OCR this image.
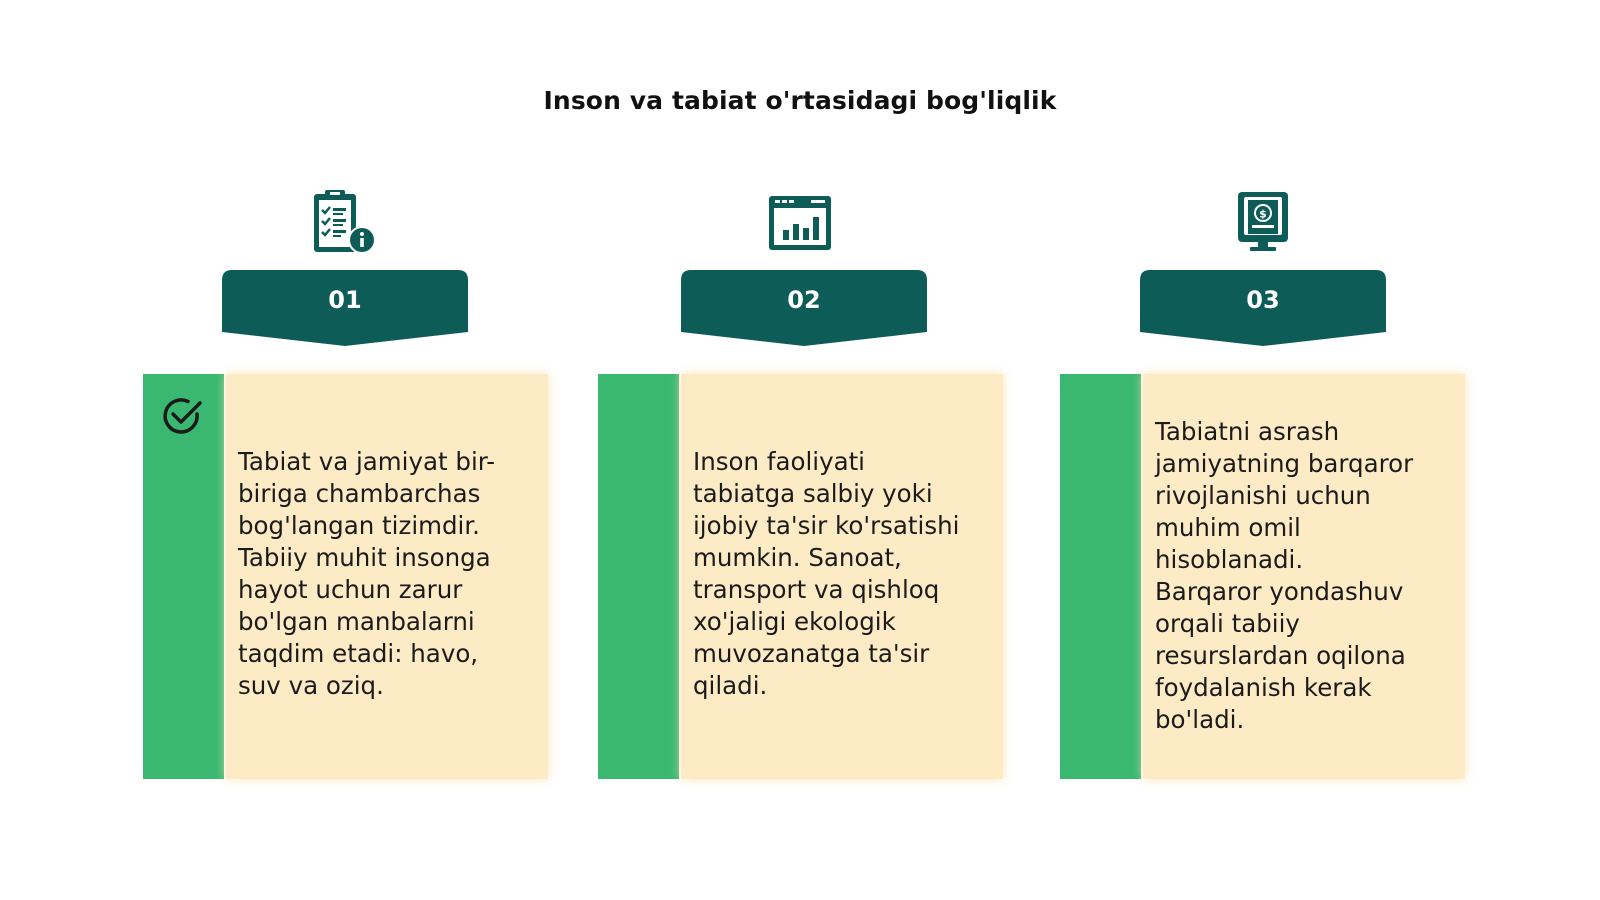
Inson va tabiat o'rtasidagi bog'liqlik
01
Tabiat va jamiyat bir-
biriga chambarchas
bog'langan tizimdir.
Tabiiy muhit insonga
hayot uchun zarur
bo'lgan manbalarni
taqdim etadi: havo,
suv va oziq.
02
Inson faoliyati
tabiatga salbiy yoki
ijobiy ta'sir ko'rsatishi
mumkin. Sanoat,
transport va qishloq
xo'jaligi ekologik
muvozanatga ta'sir
qiladi.
$
03
Tabiatni asrash
jamiyatning barqaror
rivojlanishi uchun
muhim omil
hisoblanadi.
Barqaror yondashuv
orqali tabiiy
resurslardan oqilona
foydalanish kerak
bo'ladi.
